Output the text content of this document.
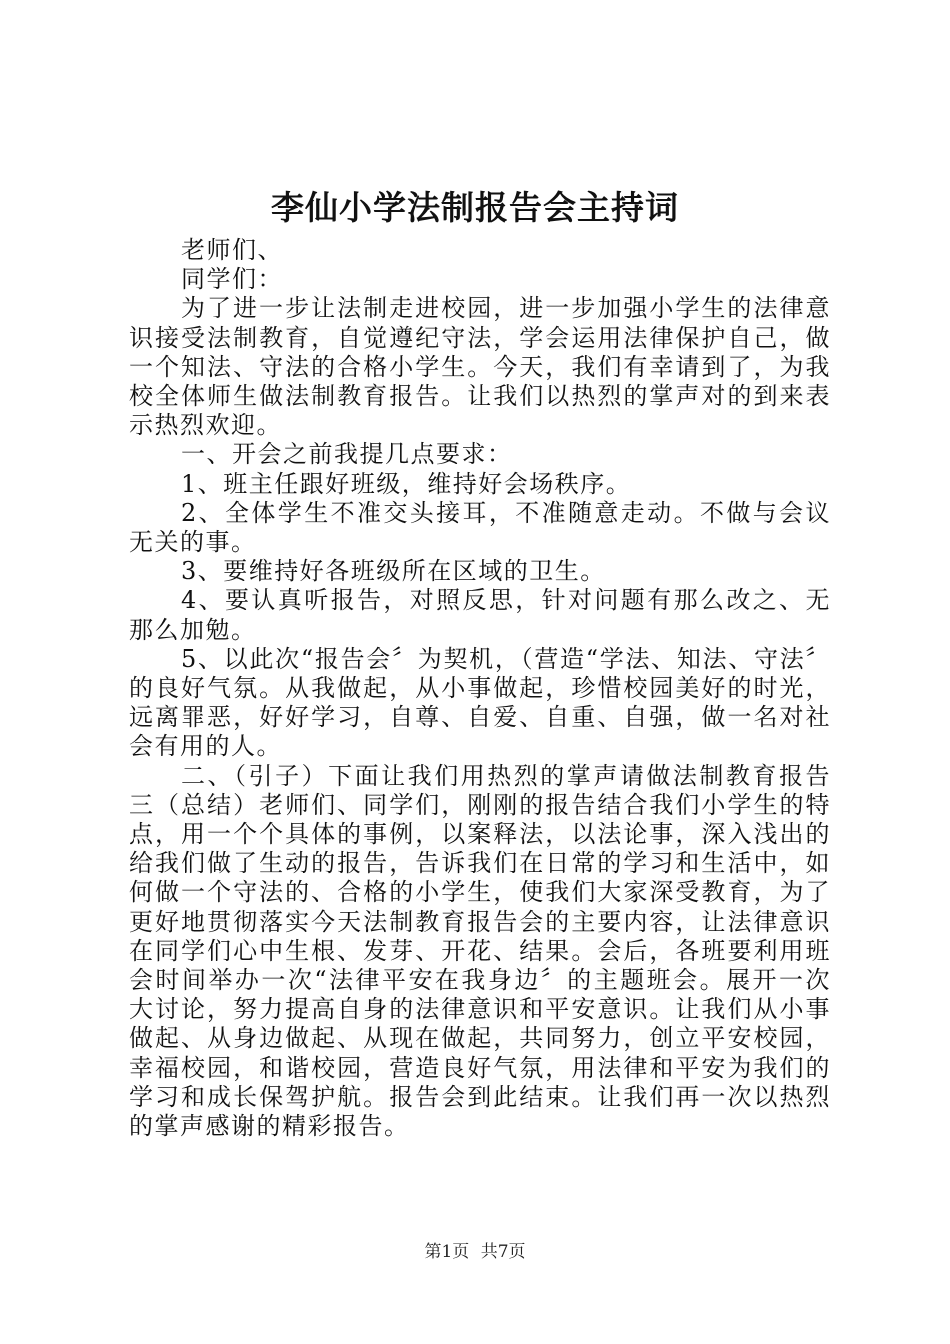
李仙小学法制报告会主持词

老师们、

同学们：

为了进一步让法制走进校园，进一步加强小学生的法律意识接受法制教育，自觉遵纪守法，学会运用法律保护自己，做一个知法、守法的合格小学生。今天，我们有幸请到了，为我校全体师生做法制教育报告。让我们以热烈的掌声对的到来表示热烈欢迎。

一、开会之前我提几点要求：

1、班主任跟好班级，维持好会场秩序。

2、全体学生不准交头接耳，不准随意走动。不做与会议无关的事。

3、要维持好各班级所在区域的卫生。

4、要认真听报告，对照反思，针对问题有那么改之、无那么加勉。

5、以此次“报告会〞为契机，（营造“学法、知法、守法〞的良好气氛。从我做起，从小事做起，珍惜校园美好的时光，远离罪恶，好好学习，自尊、自爱、自重、自强，做一名对社会有用的人。

二、（引子）下面让我们用热烈的掌声请做法制教育报告三（总结）老师们、同学们，刚刚的报告结合我们小学生的特点，用一个个具体的事例，以案释法，以法论事，深入浅出的给我们做了生动的报告，告诉我们在日常的学习和生活中，如何做一个守法的、合格的小学生，使我们大家深受教育，为了更好地贯彻落实今天法制教育报告会的主要内容，让法律意识在同学们心中生根、发芽、开花、结果。会后，各班要利用班会时间举办一次“法律平安在我身边〞的主题班会。展开一次大讨论，努力提高自身的法律意识和平安意识。让我们从小事做起、从身边做起、从现在做起，共同努力，创立平安校园，幸福校园，和谐校园，营造良好气氛，用法律和平安为我们的学习和成长保驾护航。报告会到此结束。让我们再一次以热烈的掌声感谢的精彩报告。

第1页 共7页
